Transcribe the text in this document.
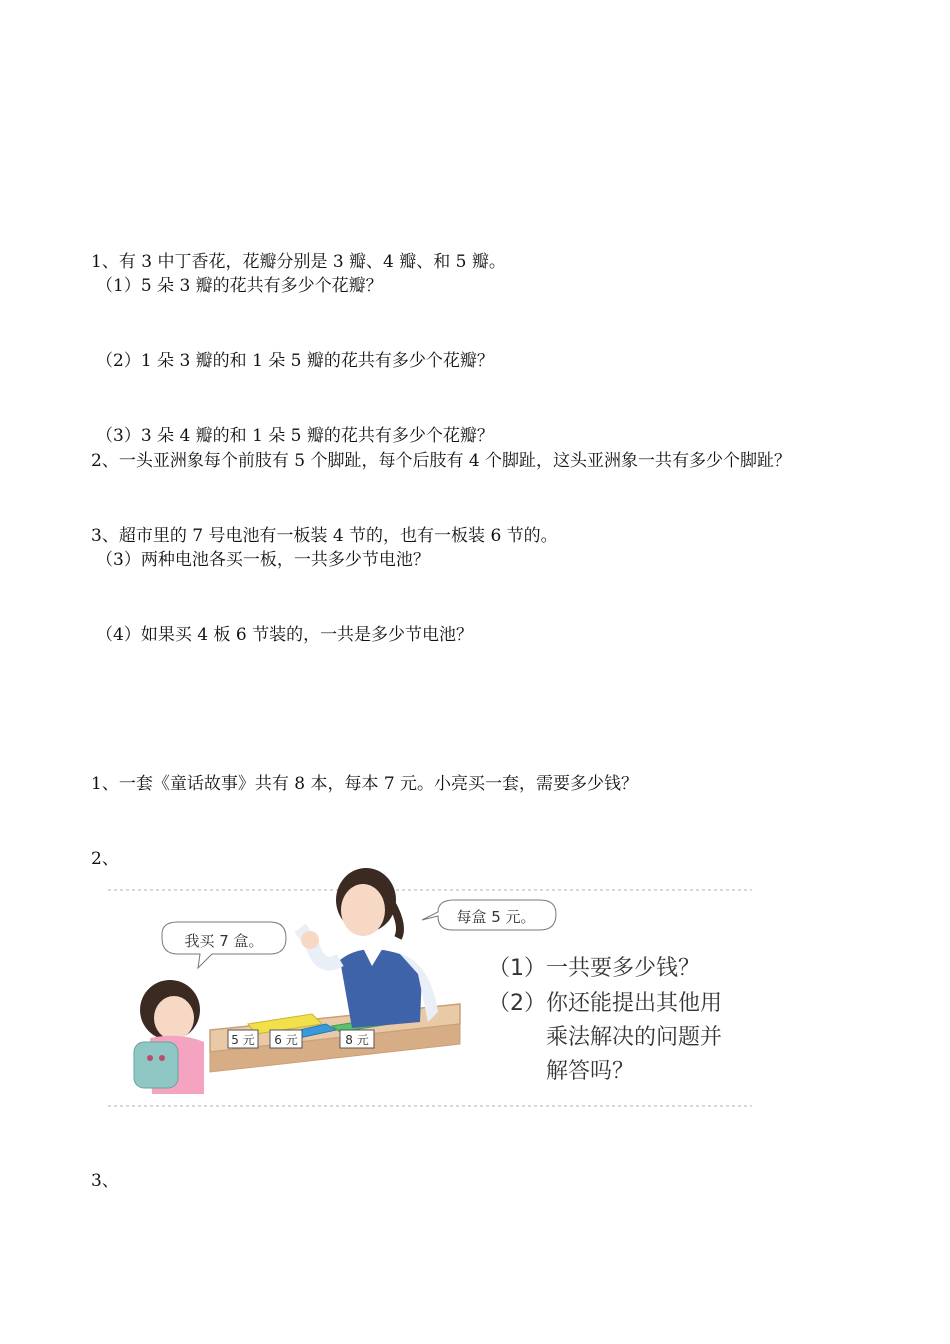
1、有 3 中丁香花，花瓣分别是 3 瓣、4 瓣、和 5 瓣。
（1）5 朵 3 瓣的花共有多少个花瓣？
（2）1 朵 3 瓣的和 1 朵 5 瓣的花共有多少个花瓣？
（3）3 朵 4 瓣的和 1 朵 5 瓣的花共有多少个花瓣？
2、一头亚洲象每个前肢有 5 个脚趾，每个后肢有 4 个脚趾，这头亚洲象一共有多少个脚趾？
3、超市里的 7 号电池有一板装 4 节的，也有一板装 6 节的。
（3）两种电池各买一板，一共多少节电池？
（4）如果买 4 板 6 节装的，一共是多少节电池？
1、一套《童话故事》共有 8 本，每本 7 元。小亮买一套，需要多少钱？
2、
5 元 6 元	8 元
我买 7 盒。
每盒 5 元。
（1）一共要多少钱？
（2）你还能提出其他用
乘法解决的问题并
解答吗？
3、
